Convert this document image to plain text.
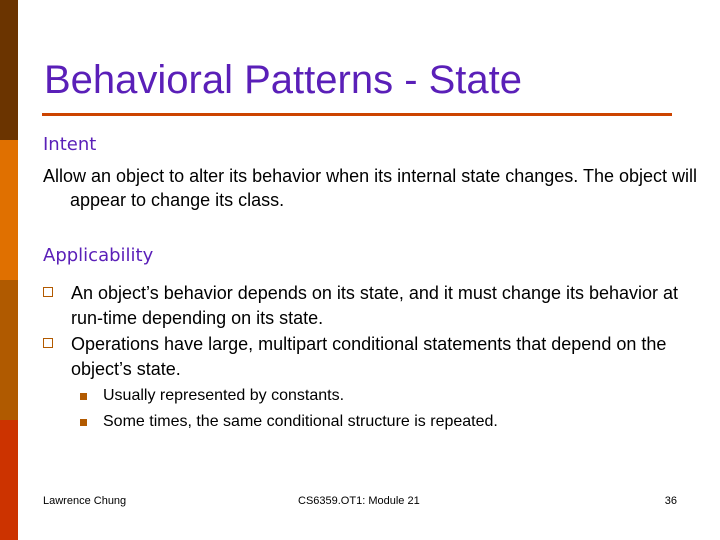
Behavioral Patterns - State
Intent
Allow an object to alter its behavior when its internal state changes. The object will appear to change its class.
Applicability
An object’s behavior depends on its state, and it must change its behavior at run-time depending on its state.
Operations have large, multipart conditional statements that depend on the object’s state.
Usually represented by constants.
Some times, the same conditional structure is repeated.
Lawrence Chung	CS6359.OT1: Module 21	36
